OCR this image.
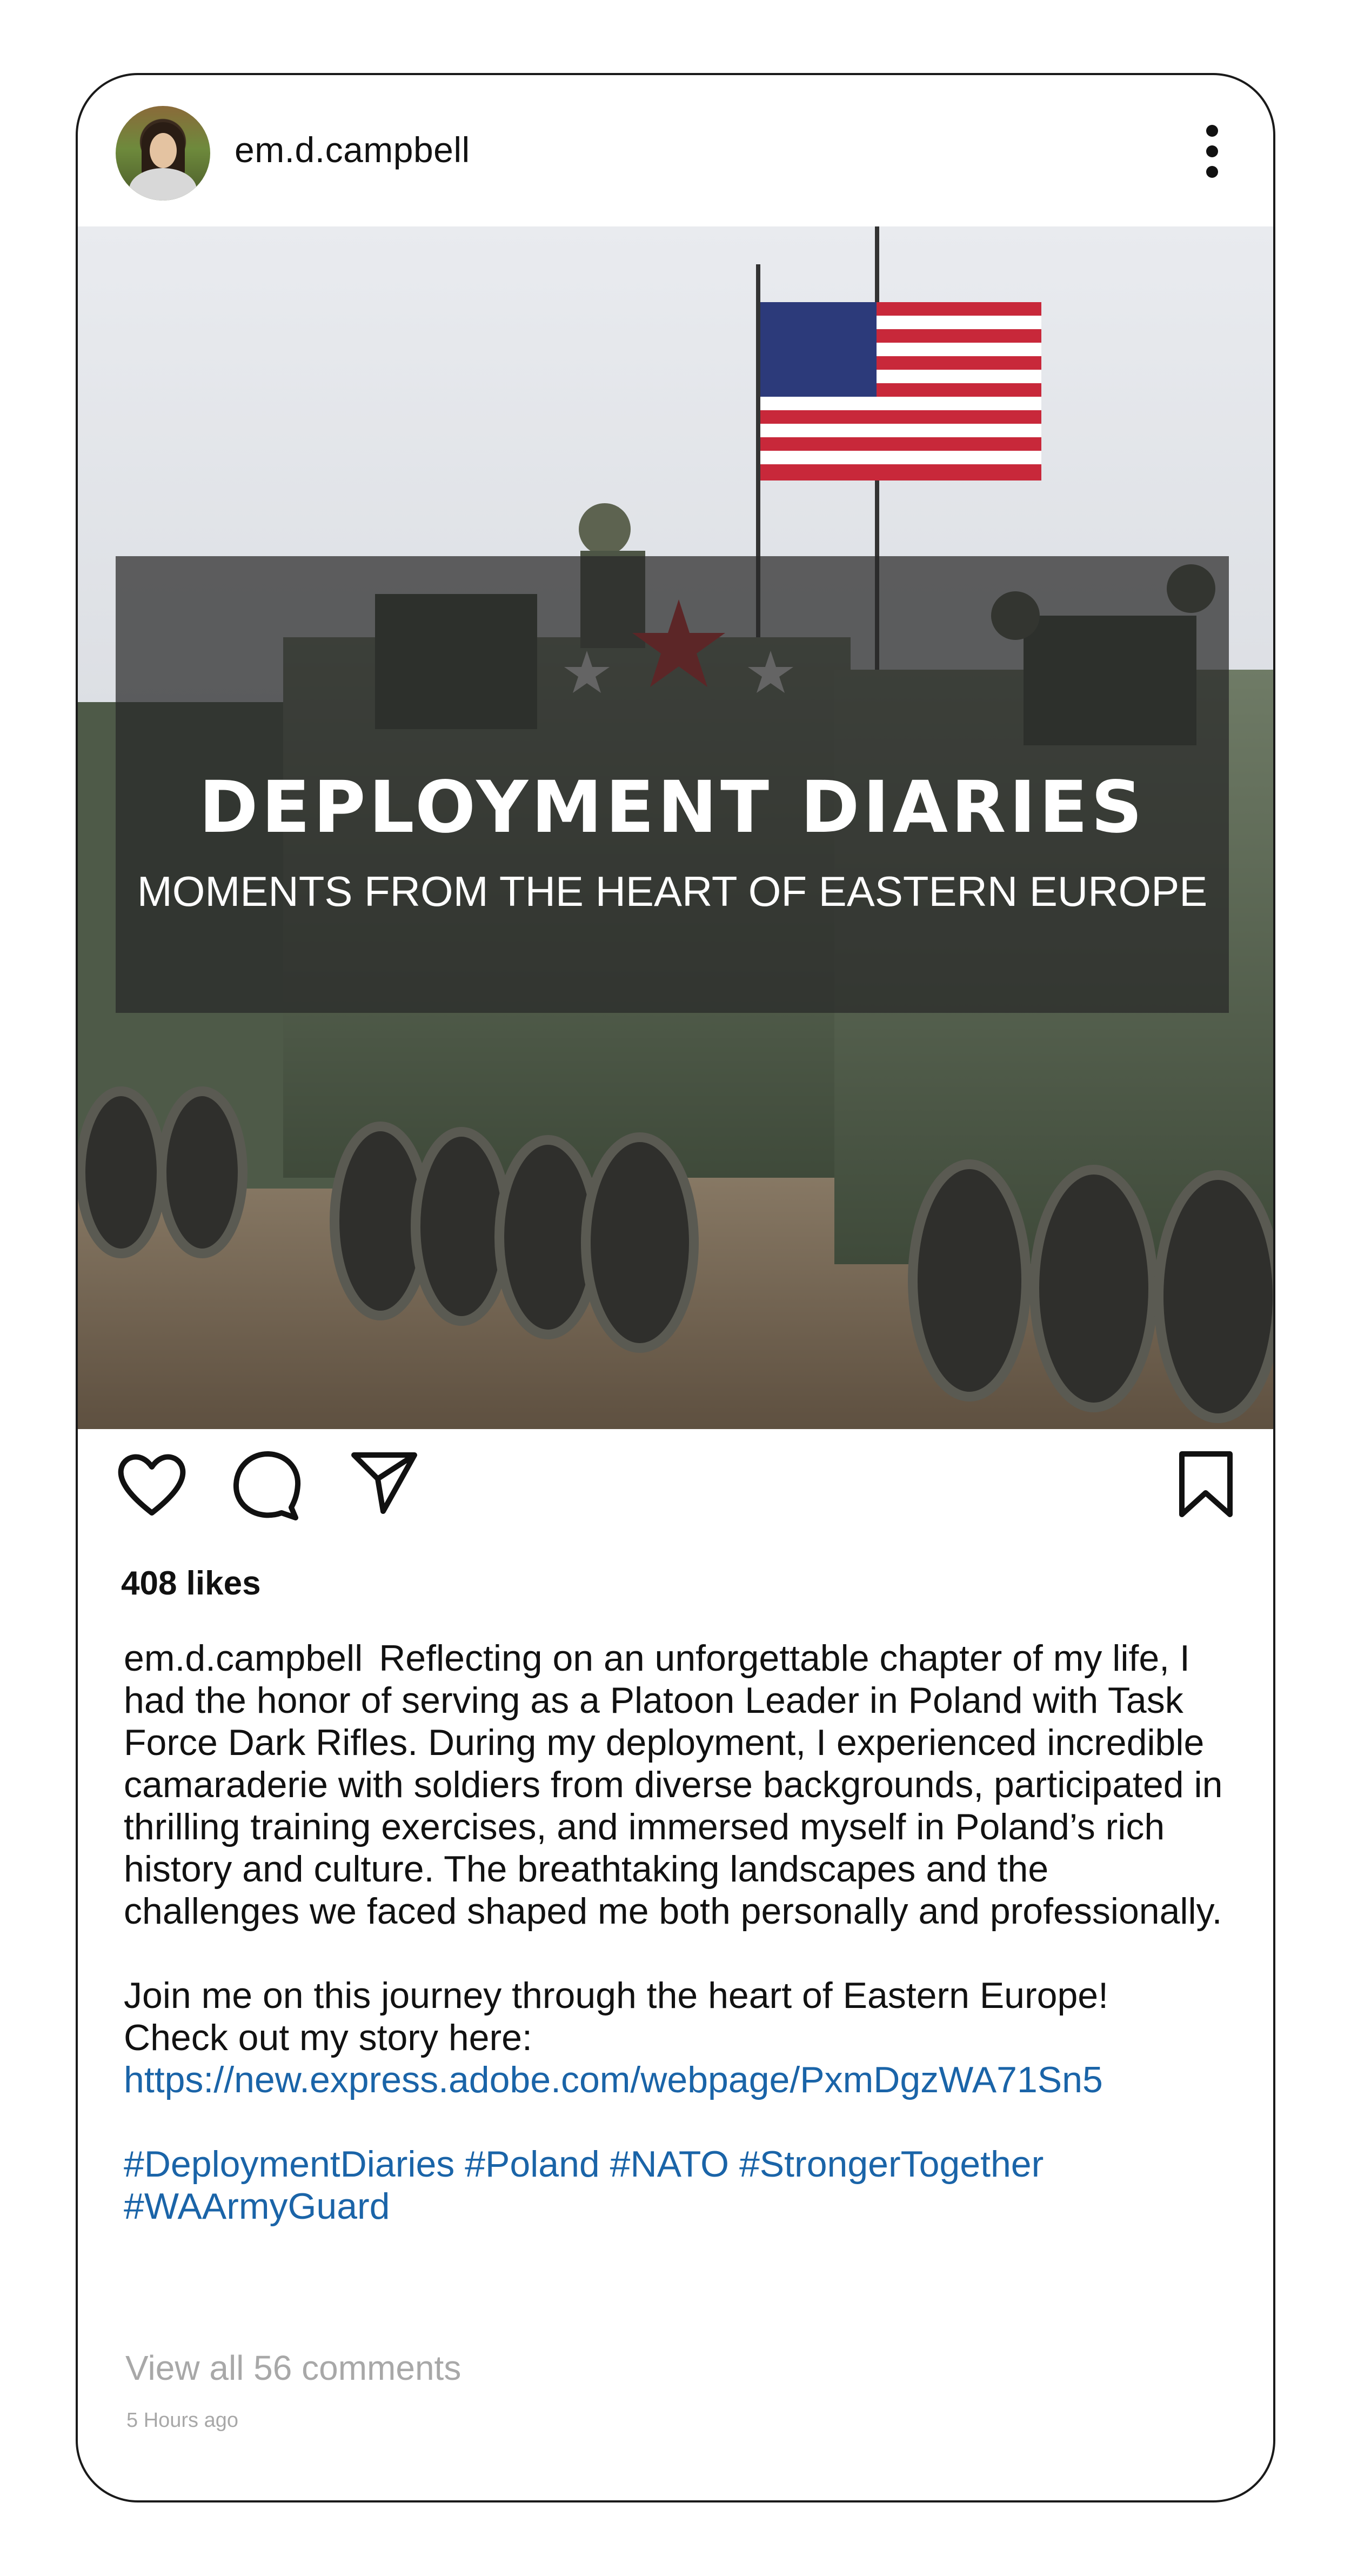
em.d.campbell
DEPLOYMENT DIARIES
MOMENTS FROM THE HEART OF EASTERN EUROPE
408 likes

em.d.campbell Reflecting on an unforgettable chapter of my life, I had the honor of serving as a Platoon Leader in Poland with Task Force Dark Rifles. During my deployment, I experienced incredible camaraderie with soldiers from diverse backgrounds, participated in thrilling training exercises, and immersed myself in Poland’s rich history and culture. The breathtaking landscapes and the challenges we faced shaped me both personally and professionally.

Join me on this journey through the heart of Eastern Europe!

Check out my story here:

https://new.express.adobe.com/webpage/PxmDgzWA71Sn5

#DeploymentDiaries #Poland #NATO #StrongerTogether
#WAArmyGuard

View all 56 comments
5 Hours ago
